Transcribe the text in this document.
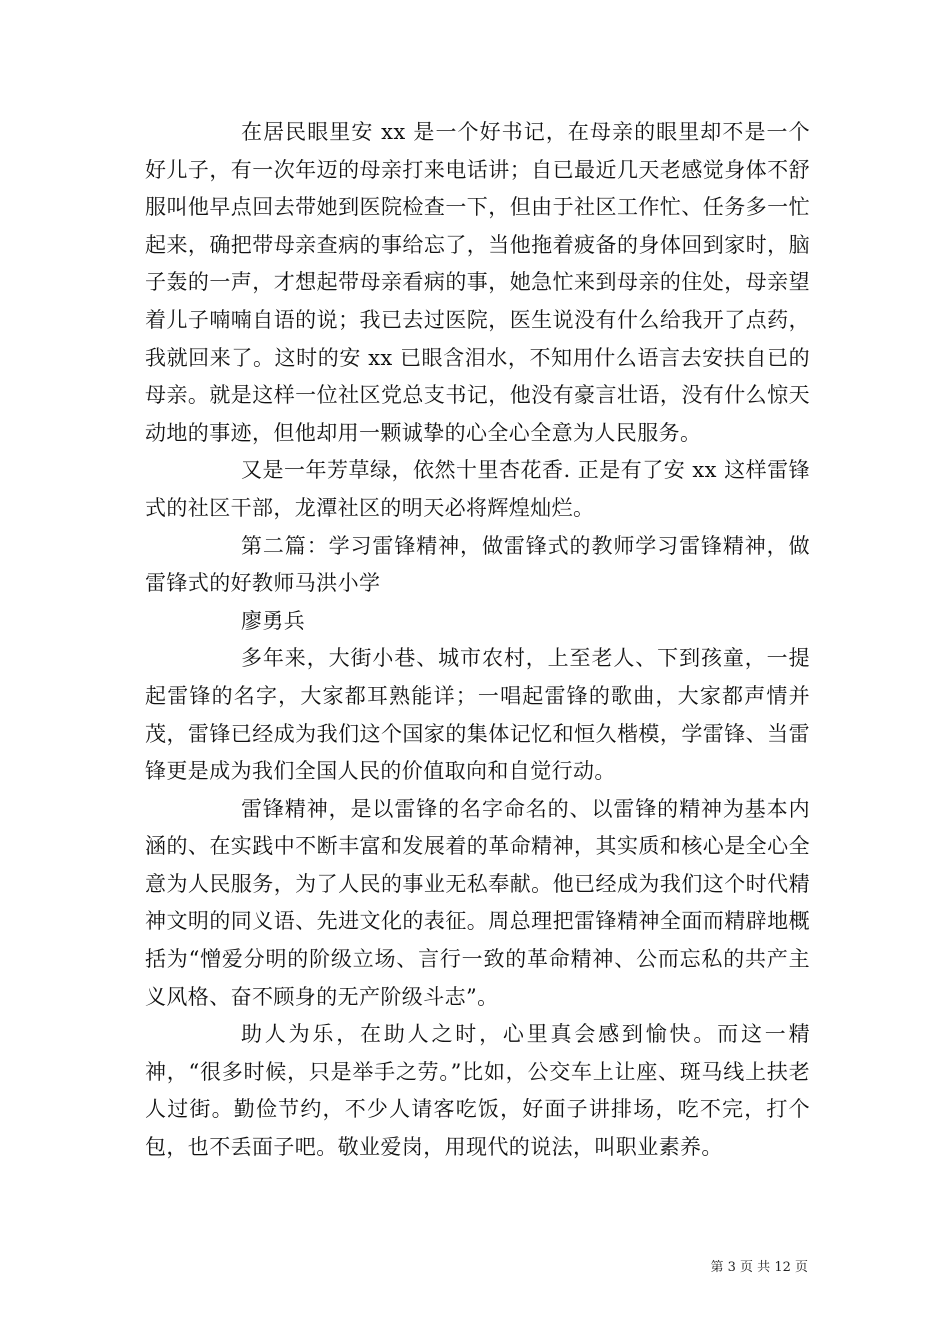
在居民眼里安 xx 是一个好书记，在母亲的眼里却不是一个好儿子，有一次年迈的母亲打来电话讲；自已最近几天老感觉身体不舒服叫他早点回去带她到医院检查一下，但由于社区工作忙、任务多一忙起来，确把带母亲查病的事给忘了，当他拖着疲备的身体回到家时，脑子轰的一声，才想起带母亲看病的事，她急忙来到母亲的住处，母亲望着儿子喃喃自语的说；我已去过医院，医生说没有什么给我开了点药，我就回来了。这时的安 xx 已眼含泪水，不知用什么语言去安扶自已的母亲。就是这样一位社区党总支书记，他没有豪言壮语，没有什么惊天动地的事迹，但他却用一颗诚挚的心全心全意为人民服务。

又是一年芳草绿，依然十里杏花香. 正是有了安 xx 这样雷锋式的社区干部，龙潭社区的明天必将辉煌灿烂。

第二篇：学习雷锋精神，做雷锋式的教师学习雷锋精神，做雷锋式的好教师马洪小学

廖勇兵

多年来，大街小巷、城市农村，上至老人、下到孩童，一提起雷锋的名字，大家都耳熟能详；一唱起雷锋的歌曲，大家都声情并茂，雷锋已经成为我们这个国家的集体记忆和恒久楷模，学雷锋、当雷锋更是成为我们全国人民的价值取向和自觉行动。

雷锋精神，是以雷锋的名字命名的、以雷锋的精神为基本内涵的、在实践中不断丰富和发展着的革命精神，其实质和核心是全心全意为人民服务，为了人民的事业无私奉献。他已经成为我们这个时代精神文明的同义语、先进文化的表征。周总理把雷锋精神全面而精辟地概括为“憎爱分明的阶级立场、言行一致的革命精神、公而忘私的共产主义风格、奋不顾身的无产阶级斗志”。

助人为乐，在助人之时，心里真会感到愉快。而这一精神，“很多时候，只是举手之劳。”比如，公交车上让座、斑马线上扶老人过街。勤俭节约，不少人请客吃饭，好面子讲排场，吃不完，打个包，也不丢面子吧。敬业爱岗，用现代的说法，叫职业素养。

第 3 页 共 12 页
